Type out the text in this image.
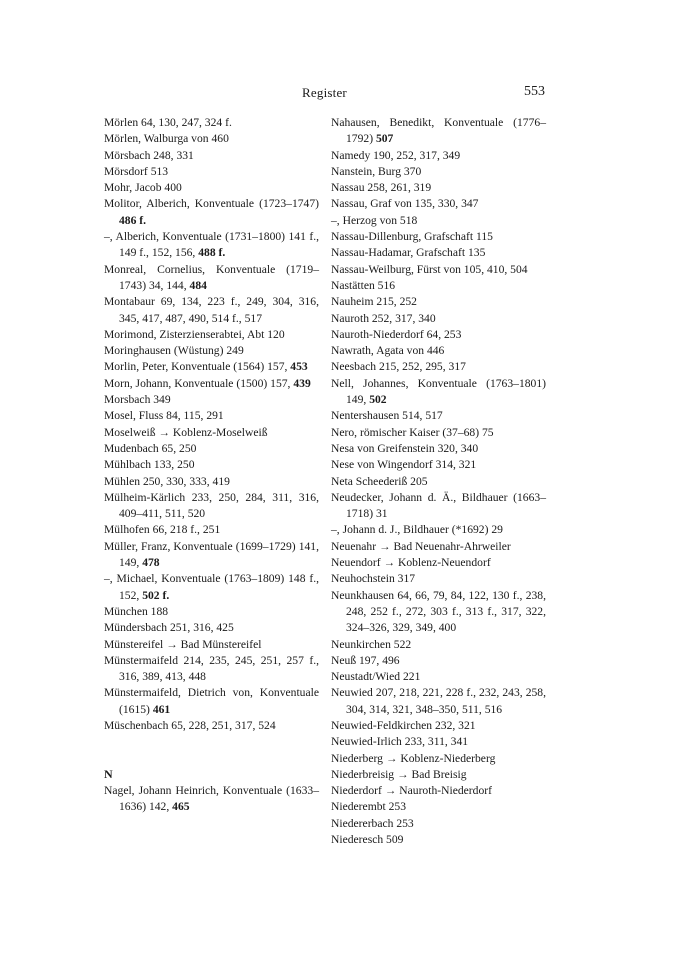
Register	553
Mörlen 64, 130, 247, 324 f.
Mörlen, Walburga von 460
Mörsbach 248, 331
Mörsdorf 513
Mohr, Jacob 400
Molitor, Alberich, Konventuale (1723–1747) 486 f.
–, Alberich, Konventuale (1731–1800) 141 f., 149 f., 152, 156, 488 f.
Monreal, Cornelius, Konventuale (1719–1743) 34, 144, 484
Montabaur 69, 134, 223 f., 249, 304, 316, 345, 417, 487, 490, 514 f., 517
Morimond, Zisterzienserabtei, Abt 120
Moringhausen (Wüstung) 249
Morlin, Peter, Konventuale (1564) 157, 453
Morn, Johann, Konventuale (1500) 157, 439
Morsbach 349
Mosel, Fluss 84, 115, 291
Moselweiß → Koblenz-Moselweiß
Mudenbach 65, 250
Mühlbach 133, 250
Mühlen 250, 330, 333, 419
Mülheim-Kärlich 233, 250, 284, 311, 316, 409–411, 511, 520
Mülhofen 66, 218 f., 251
Müller, Franz, Konventuale (1699–1729) 141, 149, 478
–, Michael, Konventuale (1763–1809) 148 f., 152, 502 f.
München 188
Mündersbach 251, 316, 425
Münstereifel → Bad Münstereifel
Münstermaifeld 214, 235, 245, 251, 257 f., 316, 389, 413, 448
Münstermaifeld, Dietrich von, Konventuale (1615) 461
Müschenbach 65, 228, 251, 317, 524
N
Nagel, Johann Heinrich, Konventuale (1633–1636) 142, 465
Nahausen, Benedikt, Konventuale (1776–1792) 507
Namedy 190, 252, 317, 349
Nanstein, Burg 370
Nassau 258, 261, 319
Nassau, Graf von 135, 330, 347
–, Herzog von 518
Nassau-Dillenburg, Grafschaft 115
Nassau-Hadamar, Grafschaft 135
Nassau-Weilburg, Fürst von 105, 410, 504
Nastätten 516
Nauheim 215, 252
Nauroth 252, 317, 340
Nauroth-Niederdorf 64, 253
Nawrath, Agata von 446
Neesbach 215, 252, 295, 317
Nell, Johannes, Konventuale (1763–1801) 149, 502
Nentershausen 514, 517
Nero, römischer Kaiser (37–68) 75
Nesa von Greifenstein 320, 340
Nese von Wingendorf 314, 321
Neta Scheederiß 205
Neudecker, Johann d. Ä., Bildhauer (1663–1718) 31
–, Johann d. J., Bildhauer (*1692) 29
Neuenahr → Bad Neuenahr-Ahrweiler
Neuendorf → Koblenz-Neuendorf
Neuhochstein 317
Neunkhausen 64, 66, 79, 84, 122, 130 f., 238, 248, 252 f., 272, 303 f., 313 f., 317, 322, 324–326, 329, 349, 400
Neunkirchen 522
Neuß 197, 496
Neustadt/Wied 221
Neuwied 207, 218, 221, 228 f., 232, 243, 258, 304, 314, 321, 348–350, 511, 516
Neuwied-Feldkirchen 232, 321
Neuwied-Irlich 233, 311, 341
Niederberg → Koblenz-Niederberg
Niederbreisig → Bad Breisig
Niederdorf → Nauroth-Niederdorf
Niederembt 253
Niedererbach 253
Niederesch 509
